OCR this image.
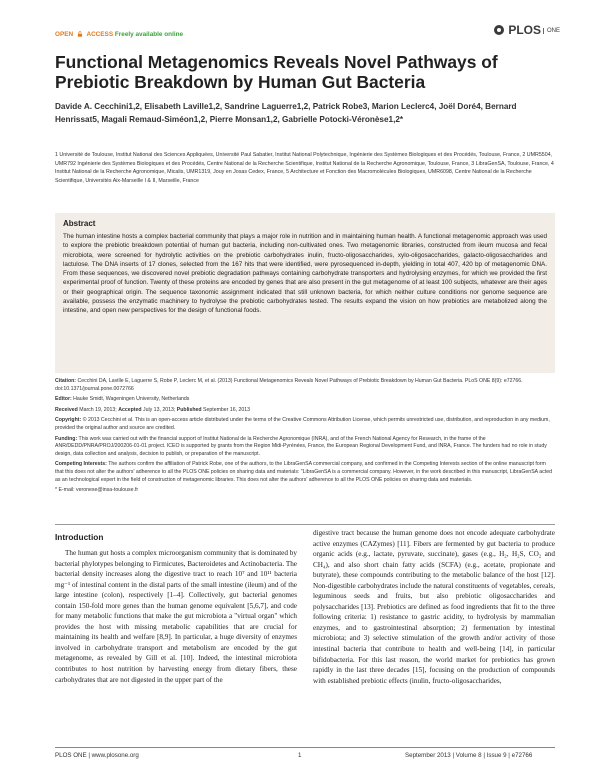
OPEN ACCESS Freely available online	PLOS ONE
Functional Metagenomics Reveals Novel Pathways of Prebiotic Breakdown by Human Gut Bacteria
Davide A. Cecchini1,2, Elisabeth Laville1,2, Sandrine Laguerre1,2, Patrick Robe3, Marion Leclerc4, Joël Doré4, Bernard Henrissat5, Magali Remaud-Siméon1,2, Pierre Monsan1,2, Gabrielle Potocki-Véronèse1,2*
1 Université de Toulouse, Institut National des Sciences Appliquées, Université Paul Sabatier, Institut National Polytechnique, Ingénierie des Systèmes Biologiques et des Procédés, Toulouse, France, 2 UMR5504, UMR792 Ingénierie des Systèmes Biologiques et des Procédés, Centre National de la Recherche Scientifique, Institut National de la Recherche Agronomique, Toulouse, France, 3 LibraGenSA, Toulouse, France, 4 Institut National de la Recherche Agronomique, Micalis, UMR1319, Jouy en Josas Cedex, France, 5 Architecture et Fonction des Macromolécules Biologiques, UMR6098, Centre National de la Recherche Scientifique, Universités Aix-Marseille I & II, Marseille, France
Abstract

The human intestine hosts a complex bacterial community that plays a major role in nutrition and in maintaining human health. A functional metagenomic approach was used to explore the prebiotic breakdown potential of human gut bacteria, including non-cultivated ones. Two metagenomic libraries, constructed from ileum mucosa and fecal microbiota, were screened for hydrolytic activities on the prebiotic carbohydrates inulin, fructo-oligosaccharides, xylo-oligosaccharides, galacto-oligosaccharides and lactulose. The DNA inserts of 17 clones, selected from the 167 hits that were identified, were pyrosequenced in-depth, yielding in total 407, 420 bp of metagenomic DNA. From these sequences, we discovered novel prebiotic degradation pathways containing carbohydrate transporters and hydrolysing enzymes, for which we provided the first experimental proof of function. Twenty of these proteins are encoded by genes that are also present in the gut metagenome of at least 100 subjects, whatever are their ages or their geographical origin. The sequence taxonomic assignment indicated that still unknown bacteria, for which neither culture conditions nor genome sequence are available, possess the enzymatic machinery to hydrolyse the prebiotic carbohydrates tested. The results expand the vision on how prebiotics are metabolized along the intestine, and open new perspectives for the design of functional foods.

Citation: Cecchini DA, Laville E, Laguerre S, Robe P, Leclerc M, et al. (2013) Functional Metagenomics Reveals Novel Pathways of Prebiotic Breakdown by Human Gut Bacteria. PLoS ONE 8(9): e72766. doi:10.1371/journal.pone.0072766

Editor: Hauke Smidt, Wageningen University, Netherlands

Received March 19, 2013; Accepted July 13, 2013; Published September 16, 2013

Copyright: © 2013 Cecchini et al. This is an open-access article distributed under the terms of the Creative Commons Attribution License, which permits unrestricted use, distribution, and reproduction in any medium, provided the original author and source are credited.

Funding: This work was carried out with the financial support of Institut National de la Recherche Agronomique (INRA), and of the French National Agency for Research, in the frame of the ANR/DEDD/PNRA/PROJ/200206-01-01 project. ICEO is supported by grants from the Region Midi-Pyrénées, France, the European Regional Development Fund, and INRA, France. The funders had no role in study design, data collection and analysis, decision to publish, or preparation of the manuscript.

Competing Interests: The authors confirm the affiliation of Patrick Robe, one of the authors, to the LibraGenSA commercial company, and confirmed in the Competing Interests section of the online manuscript form that this does not alter the authors' adherence to all the PLOS ONE policies on sharing data and materials: "LibraGenSA is a commercial company. However, in the work described in this manuscript, LibraGenSA acted as an technological expert in the field of construction of metagenomic libraries. This does not alter the authors' adherence to all the PLOS ONE policies on sharing data and materials.

* E-mail: veronese@insa-toulouse.fr

Introduction

The human gut hosts a complex microorganism community that is dominated by bacterial phylotypes belonging to Firmicutes, Bacteroidetes and Actinobacteria. The bacterial density increases along the digestive tract to reach 10⁷ and 10¹¹ bacteria mg⁻¹ of intestinal content in the distal parts of the small intestine (ileum) and of the large intestine (colon), respectively [1–4]. Collectively, gut bacterial genomes contain 150-fold more genes than the human genome equivalent [5,6,7], and code for many metabolic functions that make the gut microbiota a "virtual organ" which provides the host with missing metabolic capabilities that are crucial for maintaining its health and welfare [8,9]. In particular, a huge diversity of enzymes involved in carbohydrate transport and metabolism are encoded by the gut metagenome, as revealed by Gill et al. [10]. Indeed, the intestinal microbiota contributes to host nutrition by harvesting energy from dietary fibers, these carbohydrates that are not digested in the upper part of the

digestive tract because the human genome does not encode adequate carbohydrate active enzymes (CAZymes) [11]. Fibers are fermented by gut bacteria to produce organic acids (e.g., lactate, pyruvate, succinate), gases (e.g., H₂, H₂S, CO₂ and CH₄), and also short chain fatty acids (SCFA) (e.g., acetate, propionate and butyrate), these compounds contributing to the metabolic balance of the host [12]. Non-digestible carbohydrates include the natural constituents of vegetables, cereals, leguminous seeds and fruits, but also prebiotic oligosaccharides and polysaccharides [13]. Prebiotics are defined as food ingredients that fit to the three following criteria: 1) resistance to gastric acidity, to hydrolysis by mammalian enzymes, and to gastrointestinal absorption; 2) fermentation by intestinal microbiota; and 3) selective stimulation of the growth and/or activity of those intestinal bacteria that contribute to health and well-being [14], in particular bifidobacteria. For this last reason, the world market for prebiotics has grown rapidly in the last three decades [15], focusing on the production of compounds with established prebiotic effects (inulin, fructo-oligosaccharides,

PLOS ONE | www.plosone.org	1	September 2013 | Volume 8 | Issue 9 | e72766
